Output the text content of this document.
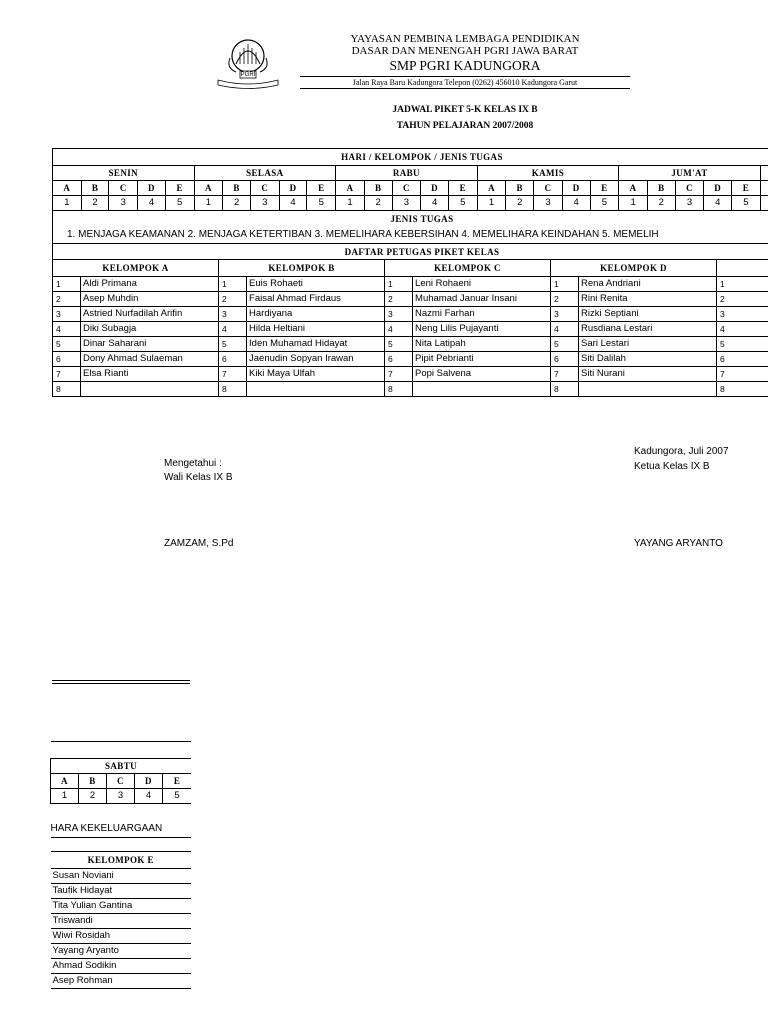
PGRI
YAYASAN PEMBINA LEMBAGA PENDIDIKAN
DASAR DAN MENENGAH PGRI JAWA BARAT
SMP PGRI KADUNGORA
Jalan Raya Baru Kadungora Telepon (0262) 456010 Kadungora Garut
JADWAL PIKET 5-K KELAS IX B
TAHUN PELAJARAN 2007/2008
HARI / KELOMPOK / JENIS TUGAS																									
SENIN					SELASA					RABU					KAMIS					JUM'AT					
A	B	C	D	E	A	B	C	D	E	A	B	C	D	E	A	B	C	D	E	A	B	C	D	E	
1	2	3	4	5	1	2	3	4	5	1	2	3	4	5	1	2	3	4	5	1	2	3	4	5	
JENIS TUGAS																									
1. MENJAGA KEAMANAN 2. MENJAGA KETERTIBAN 3. MEMELIHARA KEBERSIHAN 4. MEMELIHARA KEINDAHAN 5. MEMELIH																									
DAFTAR PETUGAS PIKET KELAS																									
KELOMPOK A		KELOMPOK B		KELOMPOK C		KELOMPOK D		
1	Aldi Primana	1	Euis Rohaeti	1	Leni Rohaeni	1	Rena Andriani	1
2	Asep Muhdin	2	Faisal Ahmad Firdaus	2	Muhamad Januar Insani	2	Rini Renita	2
3	Astried Nurfadilah Arifin	3	Hardiyana	3	Nazmi Farhan	3	Rizki Septiani	3
4	Diki Subagja	4	Hilda Heltiani	4	Neng Lilis Pujayanti	4	Rusdiana Lestari	4
5	Dinar Saharani	5	Iden Muhamad Hidayat	5	Nita Latipah	5	Sari Lestari	5
6	Dony Ahmad Sulaeman	6	Jaenudin Sopyan Irawan	6	Pipit Pebrianti	6	Siti Dalilah	6
7	Elsa Rianti	7	Kiki Maya Ulfah	7	Popi Salvena	7	Siti Nurani	7
8		8		8		8		8
Kadungora, Juli 2007
Ketua Kelas IX B
Mengetahui :
Wali Kelas IX B
ZAMZAM, S.Pd	YAYANG ARYANTO

SABTU				
A	B	C	D	E
1	2	3	4	5

HARA KEKELUARGAAN				

KELOMPOK E				
Susan Noviani				
Taufik Hidayat				
Tita Yulian Gantina				
Triswandi				
Wiwi Rosidah				
Yayang Aryanto				
Ahmad Sodikin				
Asep Rohman				
